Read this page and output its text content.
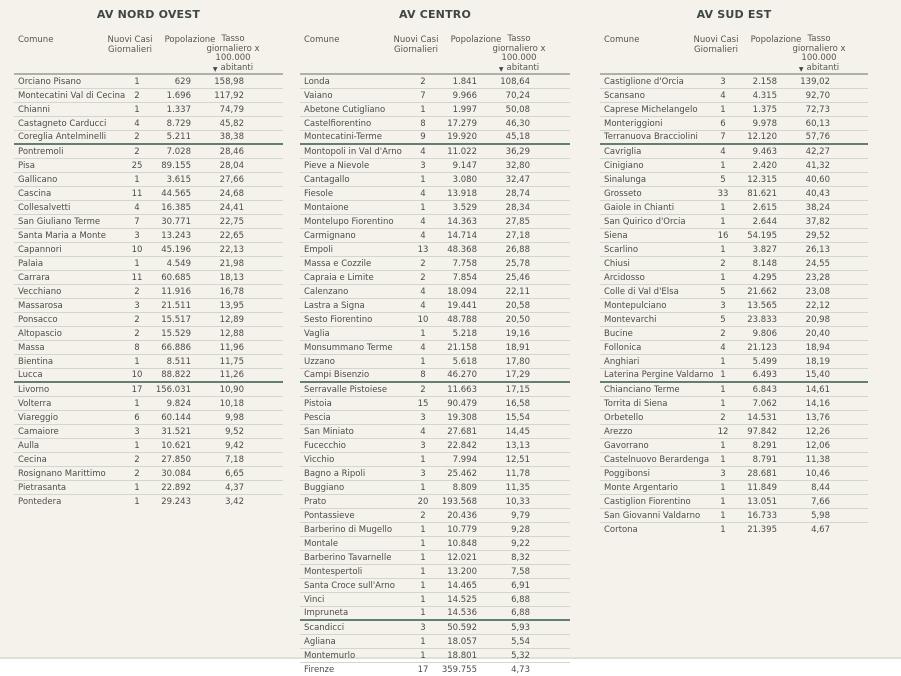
AV NORD OVEST
Comune	Nuovi Casi
Giornalieri
Popolazione Tasso
giornaliero x
100.000
▼ abitanti
Orciano Pisano	1	629	158,98
Montecatini Val di Cecina	2	1.696	117,92
Chianni	1	1.337	74,79
Castagneto Carducci	4	8.729	45,82
Coreglia Antelminelli	2	5.211	38,38
Pontremoli	2	7.028	28,46
Pisa	25	89.155	28,04
Gallicano	1	3.615	27,66
Cascina	11	44.565	24,68
Collesalvetti	4	16.385	24,41
San Giuliano Terme	7	30.771	22,75
Santa Maria a Monte	3	13.243	22,65
Capannori	10	45.196	22,13
Palaia	1	4.549	21,98
Carrara	11	60.685	18,13
Vecchiano	2	11.916	16,78
Massarosa	3	21.511	13,95
Ponsacco	2	15.517	12,89
Altopascio	2	15.529	12,88
Massa	8	66.886	11,96
Bientina	1	8.511	11,75
Lucca	10	88.822	11,26
Livorno	17	156.031	10,90
Volterra	1	9.824	10,18
Viareggio	6	60.144	9,98
Camaiore	3	31.521	9,52
Aulla	1	10.621	9,42
Cecina	2	27.850	7,18
Rosignano Marittimo	2	30.084	6,65
Pietrasanta	1	22.892	4,37
Pontedera	1	29.243	3,42
AV CENTRO
Comune	Nuovi Casi
Giornalieri
Popolazione Tasso
giornaliero x
100.000
▼ abitanti
Londa	2	1.841	108,64
Vaiano	7	9.966	70,24
Abetone Cutigliano	1	1.997	50,08
Castelfiorentino	8	17.279	46,30
Montecatini-Terme	9	19.920	45,18
Montopoli in Val d'Arno	4	11.022	36,29
Pieve a Nievole	3	9.147	32,80
Cantagallo	1	3.080	32,47
Fiesole	4	13.918	28,74
Montaione	1	3.529	28,34
Montelupo Fiorentino	4	14.363	27,85
Carmignano	4	14.714	27,18
Empoli	13	48.368	26,88
Massa e Cozzile	2	7.758	25,78
Capraia e Limite	2	7.854	25,46
Calenzano	4	18.094	22,11
Lastra a Signa	4	19.441	20,58
Sesto Fiorentino	10	48.788	20,50
Vaglia	1	5.218	19,16
Monsummano Terme	4	21.158	18,91
Uzzano	1	5.618	17,80
Campi Bisenzio	8	46.270	17,29
Serravalle Pistoiese	2	11.663	17,15
Pistoia	15	90.479	16,58
Pescia	3	19.308	15,54
San Miniato	4	27.681	14,45
Fucecchio	3	22.842	13,13
Vicchio	1	7.994	12,51
Bagno a Ripoli	3	25.462	11,78
Buggiano	1	8.809	11,35
Prato	20	193.568	10,33
Pontassieve	2	20.436	9,79
Barberino di Mugello	1	10.779	9,28
Montale	1	10.848	9,22
Barberino Tavarnelle	1	12.021	8,32
Montespertoli	1	13.200	7,58
Santa Croce sull'Arno	1	14.465	6,91
Vinci	1	14.525	6,88
Impruneta	1	14.536	6,88
Scandicci	3	50.592	5,93
Agliana	1	18.057	5,54
Montemurlo	1	18.801	5,32
Firenze	17	359.755	4,73
AV SUD EST
Comune	Nuovi Casi
Giornalieri
Popolazione Tasso
giornaliero x
100.000
▼ abitanti
Castiglione d'Orcia	3	2.158	139,02
Scansano	4	4.315	92,70
Caprese Michelangelo	1	1.375	72,73
Monteriggioni	6	9.978	60,13
Terranuova Bracciolini	7	12.120	57,76
Cavriglia	4	9.463	42,27
Cinigiano	1	2.420	41,32
Sinalunga	5	12.315	40,60
Grosseto	33	81.621	40,43
Gaiole in Chianti	1	2.615	38,24
San Quirico d'Orcia	1	2.644	37,82
Siena	16	54.195	29,52
Scarlino	1	3.827	26,13
Chiusi	2	8.148	24,55
Arcidosso	1	4.295	23,28
Colle di Val d'Elsa	5	21.662	23,08
Montepulciano	3	13.565	22,12
Montevarchi	5	23.833	20,98
Bucine	2	9.806	20,40
Follonica	4	21.123	18,94
Anghiari	1	5.499	18,19
Laterina Pergine Valdarno 1	6.493	15,40
Chianciano Terme	1	6.843	14,61
Torrita di Siena	1	7.062	14,16
Orbetello	2	14.531	13,76
Arezzo	12	97.842	12,26
Gavorrano	1	8.291	12,06
Castelnuovo Berardenga	1	8.791	11,38
Poggibonsi	3	28.681	10,46
Monte Argentario	1	11.849	8,44
Castiglion Fiorentino	1	13.051	7,66
San Giovanni Valdarno	1	16.733	5,98
Cortona	1	21.395	4,67
